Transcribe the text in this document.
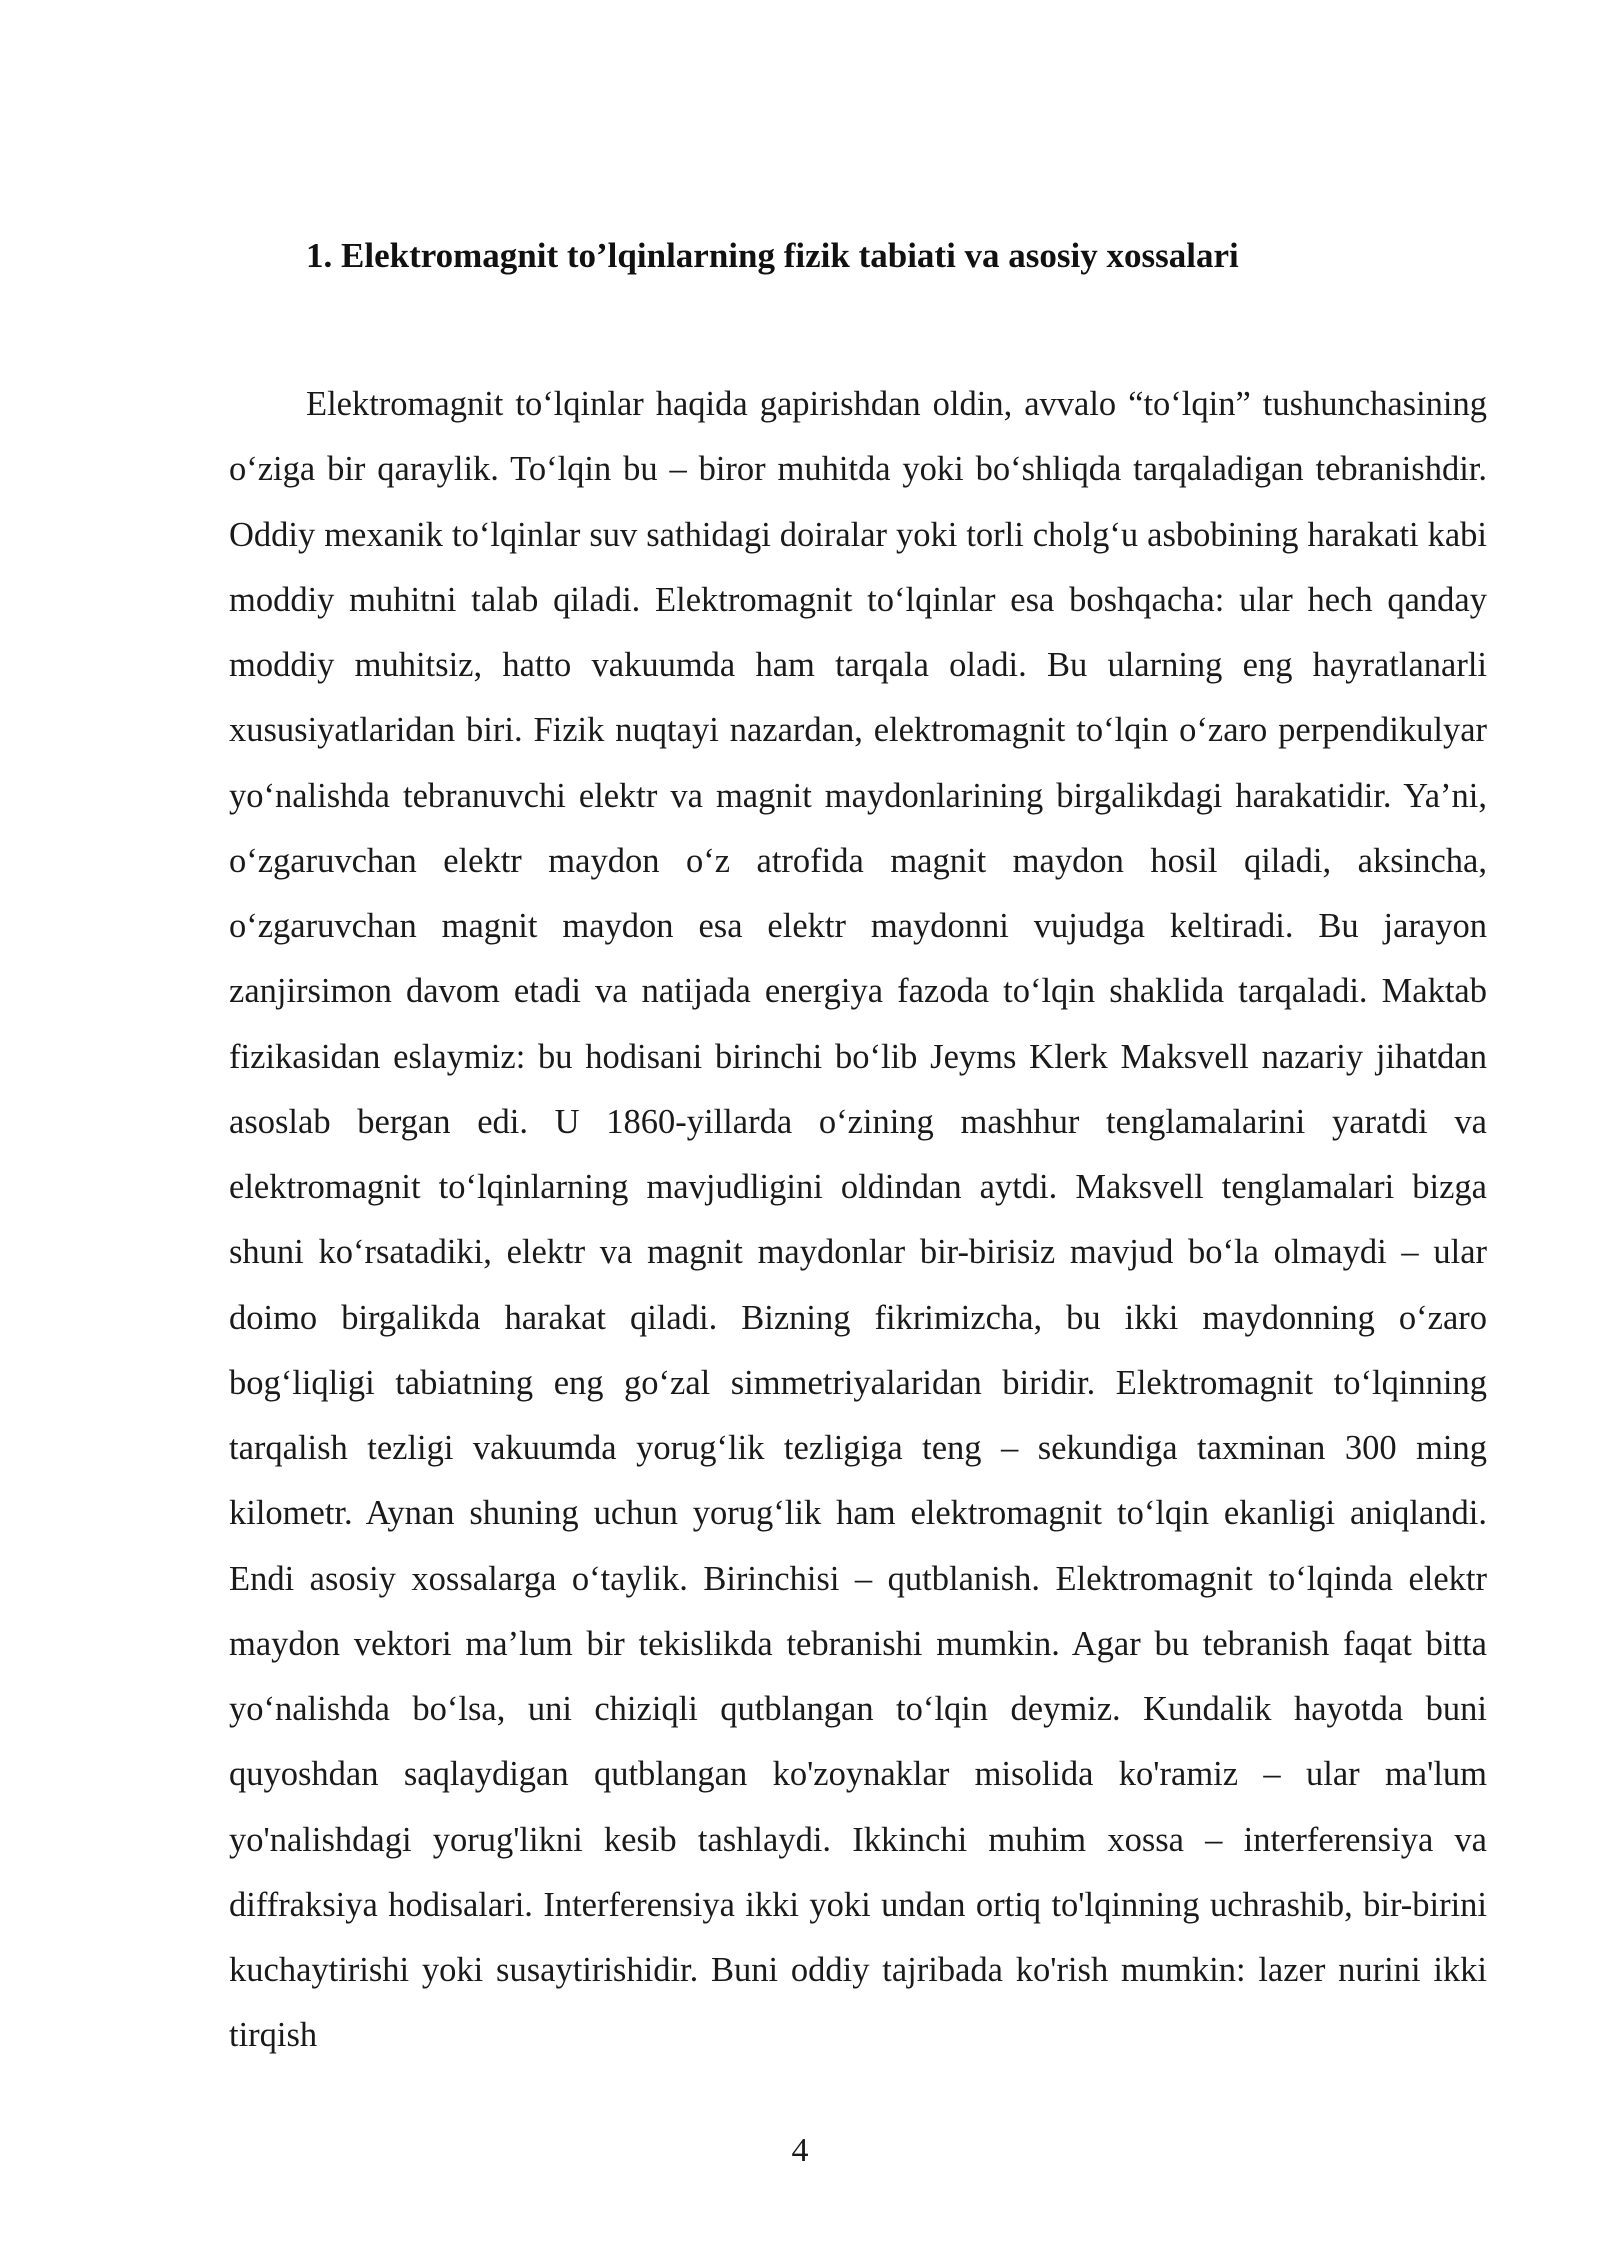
1. Elektromagnit to’lqinlarning fizik tabiati va asosiy xossalari

Elektromagnit to‘lqinlar haqida gapirishdan oldin, avvalo “to‘lqin” tushunchasining o‘ziga bir qaraylik. To‘lqin bu – biror muhitda yoki bo‘shliqda tarqaladigan tebranishdir. Oddiy mexanik to‘lqinlar suv sathidagi doiralar yoki torli cholg‘u asbobining harakati kabi moddiy muhitni talab qiladi. Elektromagnit to‘lqinlar esa boshqacha: ular hech qanday moddiy muhitsiz, hatto vakuumda ham tarqala oladi. Bu ularning eng hayratlanarli xususiyatlaridan biri. Fizik nuqtayi nazardan, elektromagnit to‘lqin o‘zaro perpendikulyar yo‘nalishda tebranuvchi elektr va magnit maydonlarining birgalikdagi harakatidir. Ya’ni, o‘zgaruvchan elektr maydon o‘z atrofida magnit maydon hosil qiladi, aksincha, o‘zgaruvchan magnit maydon esa elektr maydonni vujudga keltiradi. Bu jarayon zanjirsimon davom etadi va natijada energiya fazoda to‘lqin shaklida tarqaladi. Maktab fizikasidan eslaymiz: bu hodisani birinchi bo‘lib Jeyms Klerk Maksvell nazariy jihatdan asoslab bergan edi. U 1860-yillarda o‘zining mashhur tenglamalarini yaratdi va elektromagnit to‘lqinlarning mavjudligini oldindan aytdi. Maksvell tenglamalari bizga shuni ko‘rsatadiki, elektr va magnit maydonlar bir-birisiz mavjud bo‘la olmaydi – ular doimo birgalikda harakat qiladi. Bizning fikrimizcha, bu ikki maydonning o‘zaro bog‘liqligi tabiatning eng go‘zal simmetriyalaridan biridir. Elektromagnit to‘lqinning tarqalish tezligi vakuumda yorug‘lik tezligiga teng – sekundiga taxminan 300 ming kilometr. Aynan shuning uchun yorug‘lik ham elektromagnit to‘lqin ekanligi aniqlandi. Endi asosiy xossalarga o‘taylik. Birinchisi – qutblanish. Elektromagnit to‘lqinda elektr maydon vektori ma’lum bir tekislikda tebranishi mumkin. Agar bu tebranish faqat bitta yo‘nalishda bo‘lsa, uni chiziqli qutblangan to‘lqin deymiz. Kundalik hayotda buni quyoshdan saqlaydigan qutblangan ko'zoynaklar misolida ko'ramiz – ular ma'lum yo'nalishdagi yorug'likni kesib tashlaydi. Ikkinchi muhim xossa – interferensiya va diffraksiya hodisalari. Interferensiya ikki yoki undan ortiq to'lqinning uchrashib, bir-birini kuchaytirishi yoki susaytirishidir. Buni oddiy tajribada ko'rish mumkin: lazer nurini ikki tirqish

4
